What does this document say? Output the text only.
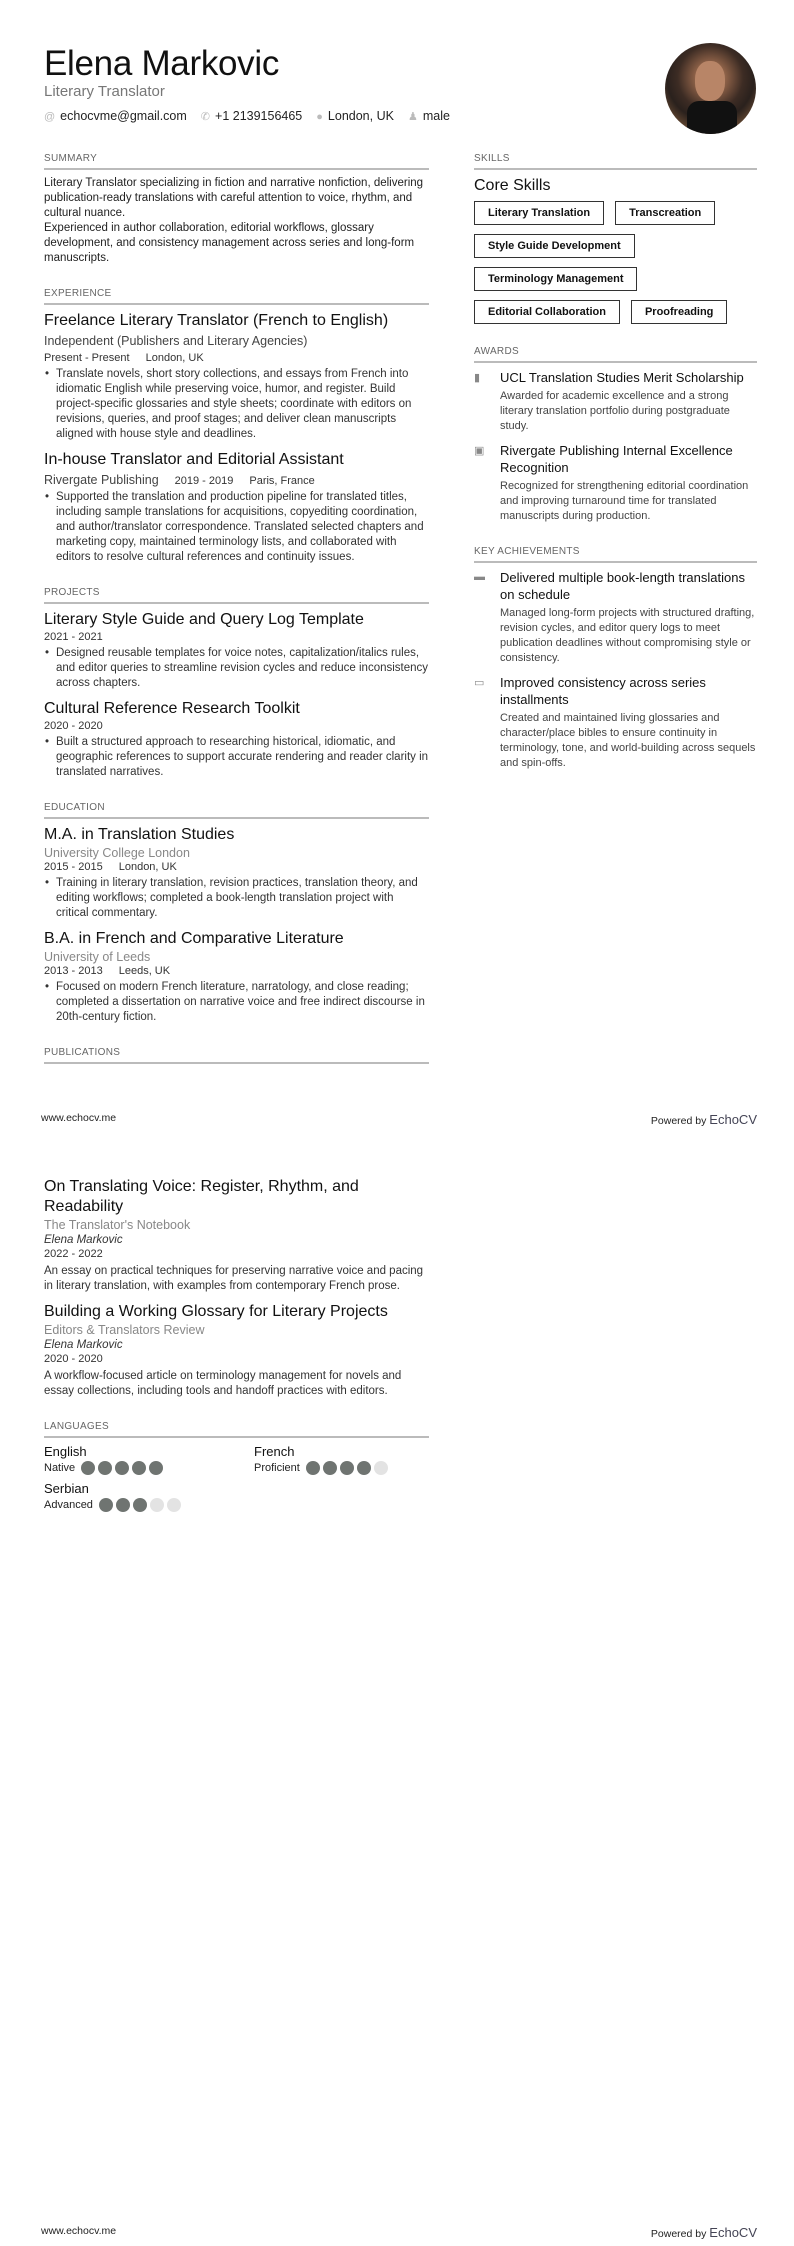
Elena Markovic
Literary Translator
@ echocvme@gmail.com ✆ +1 2139156465 ● London, UK ♟ male
SUMMARY

Literary Translator specializing in fiction and narrative nonfiction, delivering publication-ready translations with careful attention to voice, rhythm, and cultural nuance.

Experienced in author collaboration, editorial workflows, glossary development, and consistency management across series and long-form manuscripts.

EXPERIENCE
Freelance Literary Translator (French to English)
Independent (Publishers and Literary Agencies)
Present - Present London, UK
• Translate novels, short story collections, and essays from French into idiomatic English while preserving voice, humor, and register. Build project-specific glossaries and style sheets; coordinate with editors on revisions, queries, and proof stages; and deliver clean manuscripts aligned with house style and deadlines.
In-house Translator and Editorial Assistant
Rivergate Publishing 2019 - 2019 Paris, France
• Supported the translation and production pipeline for translated titles, including sample translations for acquisitions, copyediting coordination, and author/translator correspondence. Translated selected chapters and marketing copy, maintained terminology lists, and collaborated with editors to resolve cultural references and continuity issues.
PROJECTS
Literary Style Guide and Query Log Template
2021 - 2021
• Designed reusable templates for voice notes, capitalization/italics rules, and editor queries to streamline revision cycles and reduce inconsistency across chapters.
Cultural Reference Research Toolkit
2020 - 2020
• Built a structured approach to researching historical, idiomatic, and geographic references to support accurate rendering and reader clarity in translated narratives.
EDUCATION
M.A. in Translation Studies
University College London
2015 - 2015 London, UK
• Training in literary translation, revision practices, translation theory, and editing workflows; completed a book-length translation project with critical commentary.
B.A. in French and Comparative Literature
University of Leeds
2013 - 2013 Leeds, UK
• Focused on modern French literature, narratology, and close reading; completed a dissertation on narrative voice and free indirect discourse in 20th-century fiction.
PUBLICATIONS
SKILLS
Core Skills
Literary Translation	Transcreation
Style Guide Development
Terminology Management
Editorial Collaboration	Proofreading
AWARDS
▮	UCL Translation Studies Merit Scholarship
Awarded for academic excellence and a strong literary translation portfolio during postgraduate study.
▣ Rivergate Publishing Internal Excellence Recognition
Recognized for strengthening editorial coordination and improving turnaround time for translated manuscripts during production.
KEY ACHIEVEMENTS
▬ Delivered multiple book-length translations on schedule
Managed long-form projects with structured drafting, revision cycles, and editor query logs to meet publication deadlines without compromising style or consistency.
▭ Improved consistency across series installments
Created and maintained living glossaries and character/place bibles to ensure continuity in terminology, tone, and world-building across sequels and spin-offs.
www.echocv.me	Powered by EchoCV
On Translating Voice: Register, Rhythm, and Readability
The Translator's Notebook
Elena Markovic
2022 - 2022

An essay on practical techniques for preserving narrative voice and pacing in literary translation, with examples from contemporary French prose.

Building a Working Glossary for Literary Projects
Editors & Translators Review
Elena Markovic
2020 - 2020

A workflow-focused article on terminology management for novels and essay collections, including tools and handoff practices with editors.

LANGUAGES
English
Native
French
Proficient
Serbian
Advanced
www.echocv.me	Powered by EchoCV
